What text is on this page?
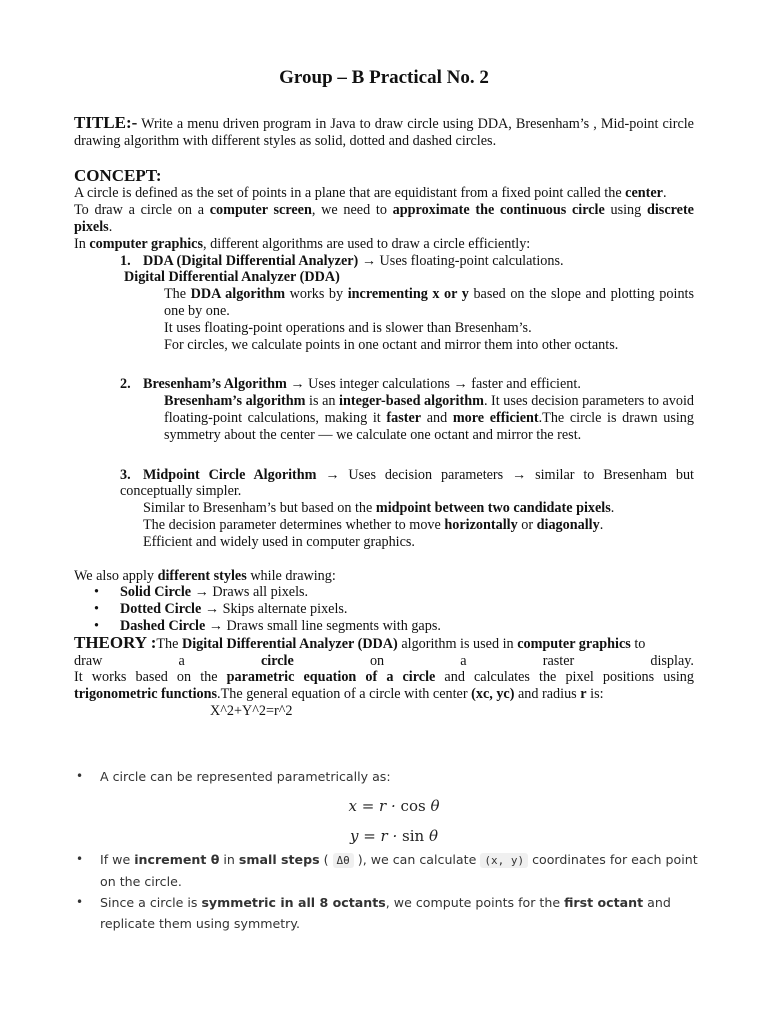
Group – B Practical No. 2

TITLE:- Write a menu driven program in Java to draw circle using DDA, Bresenham’s , Mid-point circle drawing algorithm with different styles as solid, dotted and dashed circles.

CONCEPT:

A circle is defined as the set of points in a plane that are equidistant from a fixed point called the center.

To draw a circle on a computer screen, we need to approximate the continuous circle using discrete pixels.

In computer graphics, different algorithms are used to draw a circle efficiently:

1. DDA (Digital Differential Analyzer) → Uses floating-point calculations.

Digital Differential Analyzer (DDA)

The DDA algorithm works by incrementing x or y based on the slope and plotting points one by one.

It uses floating-point operations and is slower than Bresenham’s.

For circles, we calculate points in one octant and mirror them into other octants.

2. Bresenham’s Algorithm → Uses integer calculations → faster and efficient.

Bresenham’s algorithm is an integer-based algorithm. It uses decision parameters to avoid floating-point calculations, making it faster and more efficient.The circle is drawn using symmetry about the center — we calculate one octant and mirror the rest.

3. Midpoint Circle Algorithm → Uses decision parameters → similar to Bresenham but conceptually simpler.

Similar to Bresenham’s but based on the midpoint between two candidate pixels.

The decision parameter determines whether to move horizontally or diagonally.

Efficient and widely used in computer graphics.

We also apply different styles while drawing:

• Solid Circle → Draws all pixels.

• Dotted Circle → Skips alternate pixels.

• Dashed Circle → Draws small line segments with gaps.

THEORY :The Digital Differential Analyzer (DDA) algorithm is used in computer graphics to

draw	a	circle	on	a	raster	display.

It works based on the parametric equation of a circle and calculates the pixel positions using trigonometric functions.The general equation of a circle with center (xc, yc) and radius r is:

X^2+Y^2=r^2

• A circle can be represented parametrically as:
x = r · cos θ
y = r · sin θ
• If we increment θ in small steps ( Δθ ), we can calculate (x, y) coordinates for each point on the circle.
• Since a circle is symmetric in all 8 octants, we compute points for the first octant and replicate them using symmetry.
